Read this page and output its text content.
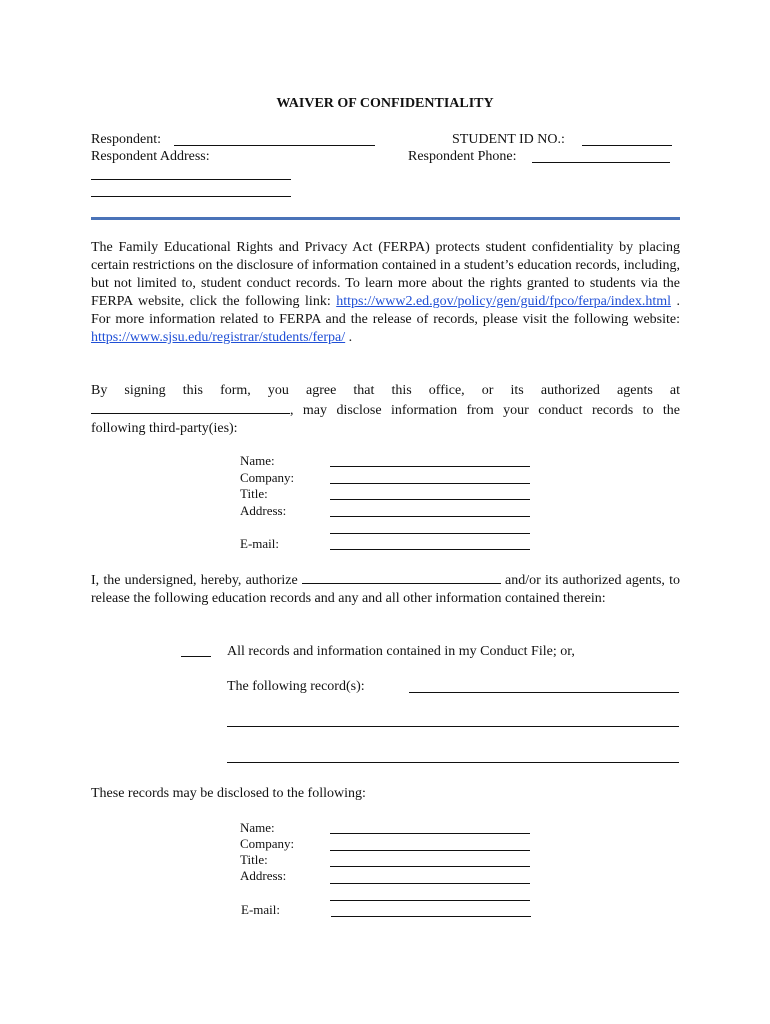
WAIVER OF CONFIDENTIALITY
Respondent:	STUDENT ID NO.:
Respondent Address:	Respondent Phone:
The Family Educational Rights and Privacy Act (FERPA) protects student confidentiality by placing certain restrictions on the disclosure of information contained in a student’s education records, including, but not limited to, student conduct records. To learn more about the rights granted to students via the FERPA website, click the following link: https://www2.ed.gov/policy/gen/guid/fpco/ferpa/index.html . For more information related to FERPA and the release of records, please visit the following website: https://www.sjsu.edu/registrar/students/ferpa/ .
By signing this form, you agree that this office, or its authorized agents at , may disclose information from your conduct records to the following third-party(ies):
Name:
Company:
Title:
Address:
E-mail:
I, the undersigned, hereby, authorize	and/or its authorized agents, to release the following education records and any and all other information contained therein:
All records and information contained in my Conduct File; or,
The following record(s):
These records may be disclosed to the following:
Name:
Company:
Title:
Address:
E-mail:
